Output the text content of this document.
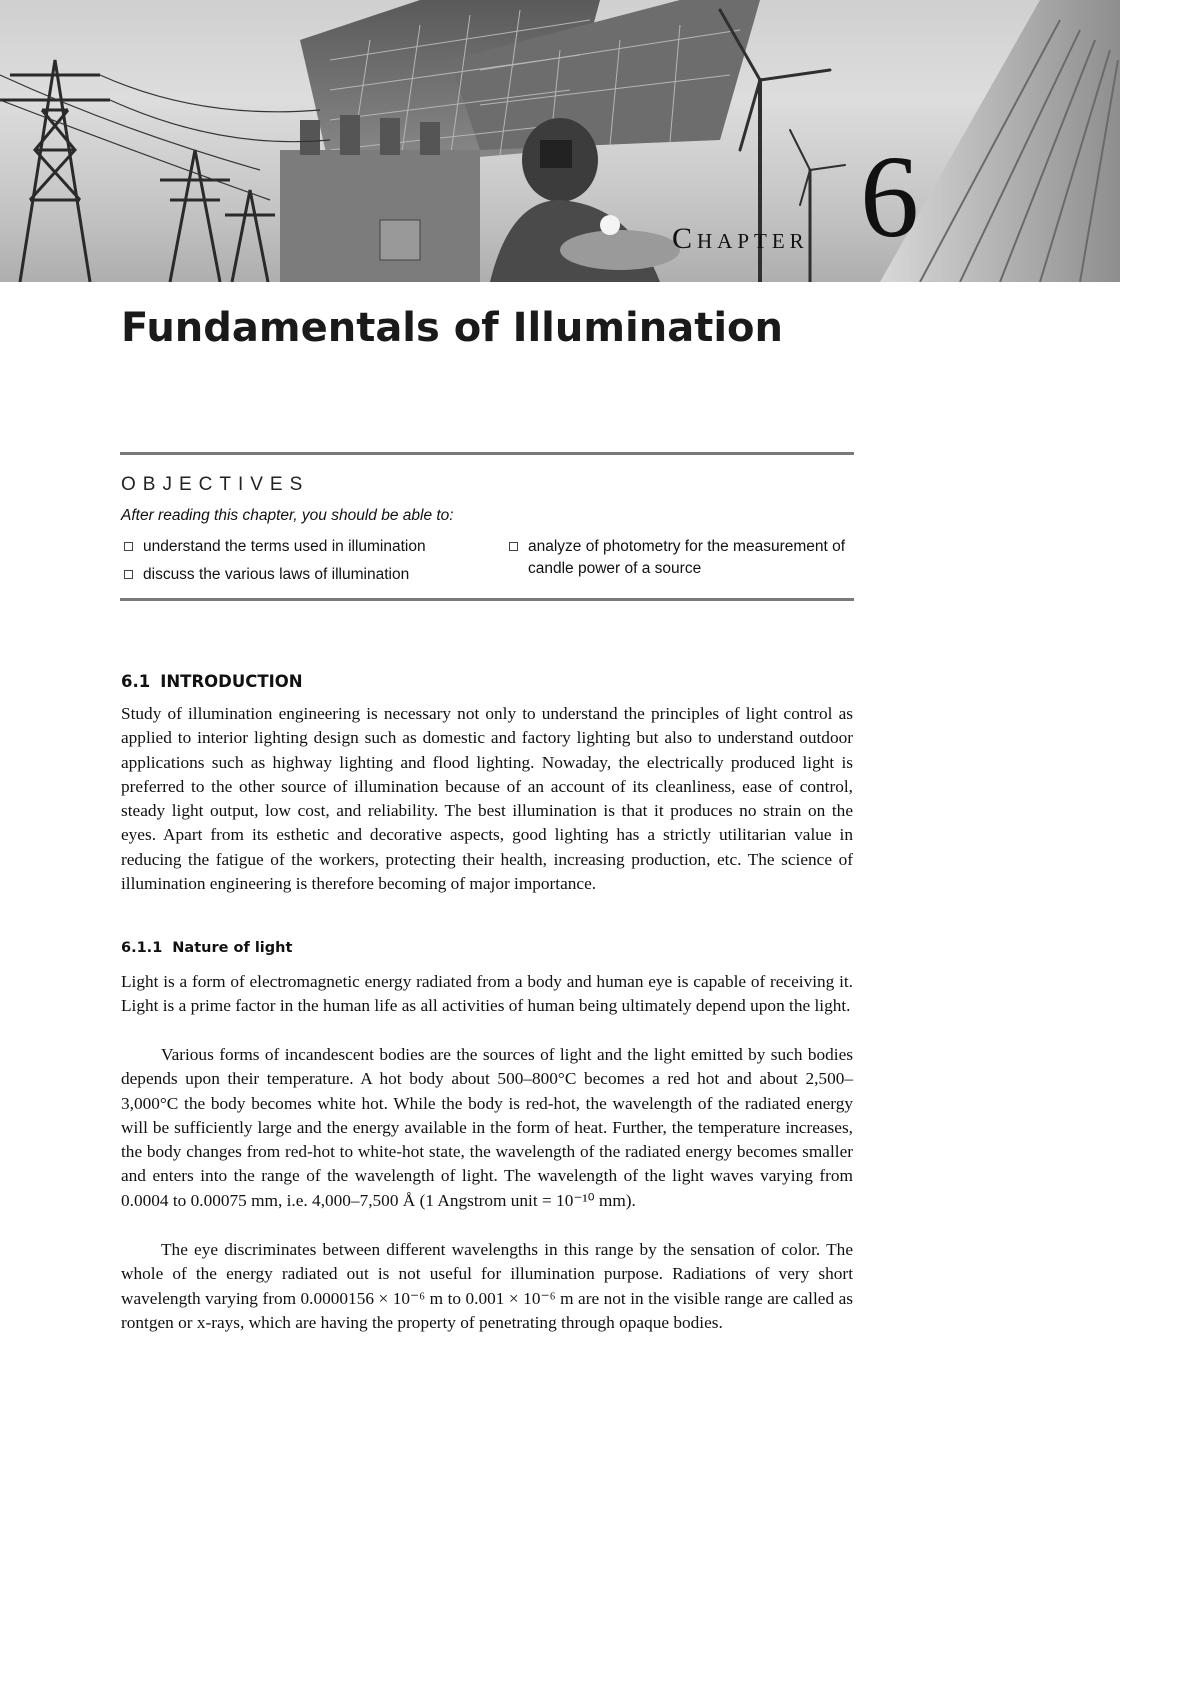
Chapter 6
Fundamentals of Illumination
OBJECTIVES
After reading this chapter, you should be able to:
understand the terms used in illumination
discuss the various laws of illumination
analyze of photometry for the measurement of candle power of a source
6.1 INTRODUCTION

Study of illumination engineering is necessary not only to understand the principles of light control as applied to interior lighting design such as domestic and factory lighting but also to understand outdoor applications such as highway lighting and flood lighting. Nowaday, the electrically produced light is preferred to the other source of illumination because of an account of its cleanliness, ease of control, steady light output, low cost, and reliability. The best illumination is that it produces no strain on the eyes. Apart from its esthetic and decorative aspects, good lighting has a strictly utilitarian value in reducing the fatigue of the workers, protecting their health, increasing production, etc. The science of illumination engineering is therefore becoming of major importance.

6.1.1 Nature of light

Light is a form of electromagnetic energy radiated from a body and human eye is capable of receiving it. Light is a prime factor in the human life as all activities of human being ultimately depend upon the light.

Various forms of incandescent bodies are the sources of light and the light emitted by such bodies depends upon their temperature. A hot body about 500–800°C becomes a red hot and about 2,500–3,000°C the body becomes white hot. While the body is red-hot, the wavelength of the radiated energy will be sufficiently large and the energy available in the form of heat. Further, the temperature increases, the body changes from red-hot to white-hot state, the wavelength of the radiated energy becomes smaller and enters into the range of the wavelength of light. The wavelength of the light waves varying from 0.0004 to 0.00075 mm, i.e. 4,000–7,500 Å (1 Angstrom unit = 10⁻¹⁰ mm).

The eye discriminates between different wavelengths in this range by the sensation of color. The whole of the energy radiated out is not useful for illumination purpose. Radiations of very short wavelength varying from 0.0000156 × 10⁻⁶ m to 0.001 × 10⁻⁶ m are not in the visible range are called as rontgen or x-rays, which are having the property of penetrating through opaque bodies.
